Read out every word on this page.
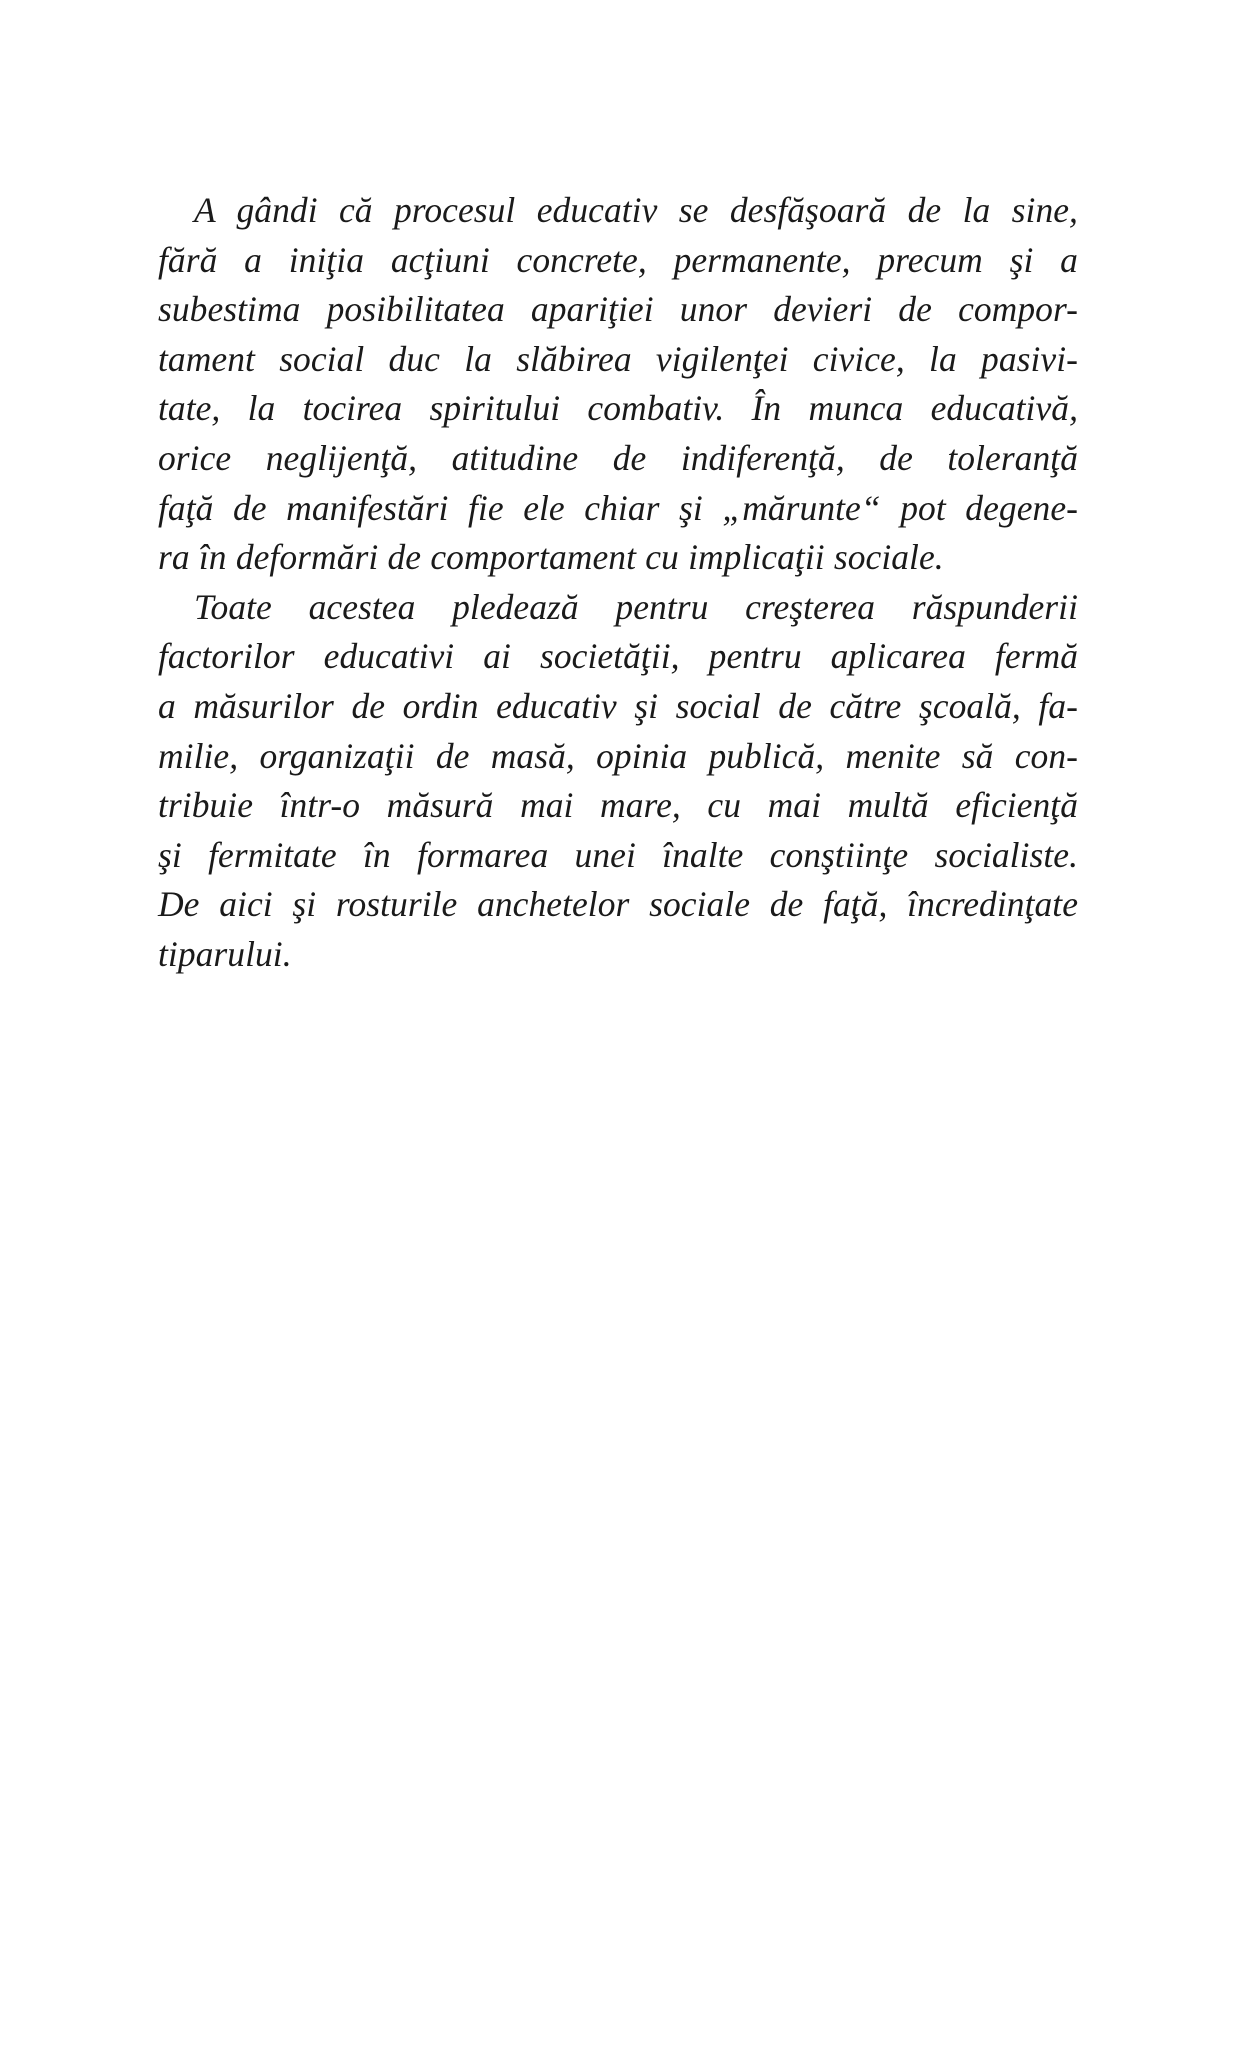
A gândi că procesul educativ se desfăşoară de la sine,
fără a iniţia acţiuni concrete, permanente, precum şi a
subestima posibilitatea apariţiei unor devieri de compor-
tament social duc la slăbirea vigilenţei civice, la pasivi-
tate, la tocirea spiritului combativ. În munca educativă,
orice neglijenţă, atitudine de indiferenţă, de toleranţă
faţă de manifestări fie ele chiar şi „mărunte“ pot degene-
ra în deformări de comportament cu implicaţii sociale.

Toate acestea pledează pentru creşterea răspunderii
factorilor educativi ai societăţii, pentru aplicarea fermă
a măsurilor de ordin educativ şi social de către şcoală, fa-
milie, organizaţii de masă, opinia publică, menite să con-
tribuie într-o măsură mai mare, cu mai multă eficienţă
şi fermitate în formarea unei înalte conştiinţe socialiste.
De aici şi rosturile anchetelor sociale de faţă, încredinţate
tiparului.
